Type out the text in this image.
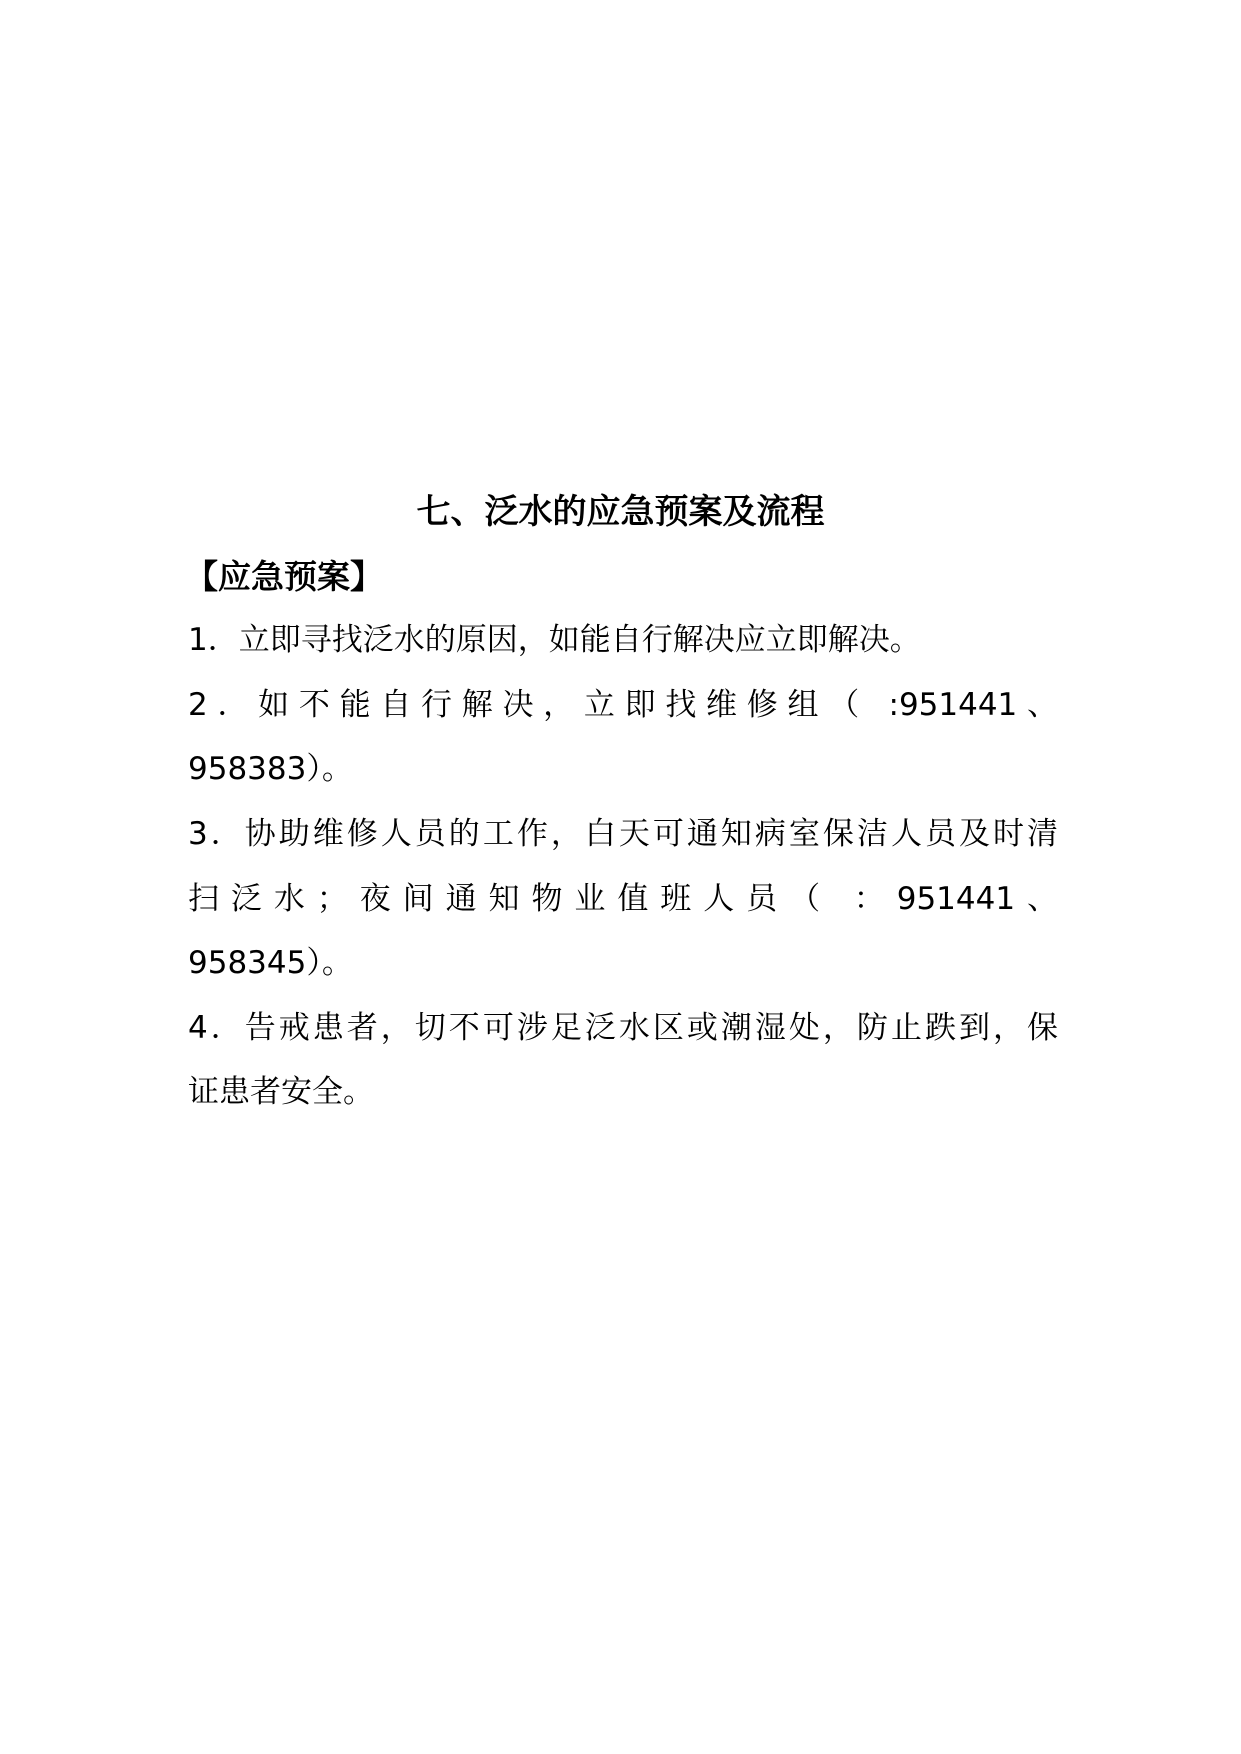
七、泛水的应急预案及流程
【应急预案】
1．立即寻找泛水的原因，如能自行解决应立即解决。
2．如不能自行解决，立即找维修组（ :951441、
958383）。
3．协助维修人员的工作，白天可通知病室保洁人员及时清
扫泛水；夜间通知物业值班人员（ ：951441、
958345）。
4．告戒患者，切不可涉足泛水区或潮湿处，防止跌到，保
证患者安全。
